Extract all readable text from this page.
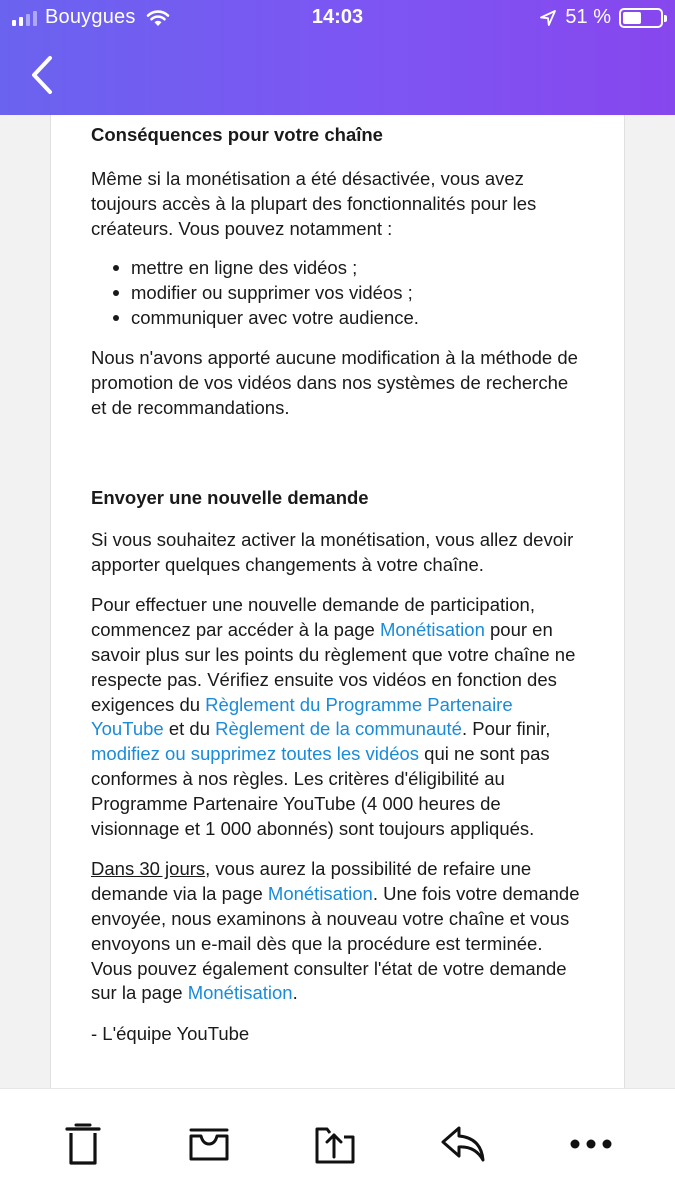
Bouygues	14:03	51 %
Conséquences pour votre chaîne

Même si la monétisation a été désactivée, vous avez toujours accès à la plupart des fonctionnalités pour les créateurs. Vous pouvez notamment :

mettre en ligne des vidéos ;
modifier ou supprimer vos vidéos ;
communiquer avec votre audience.

Nous n'avons apporté aucune modification à la méthode de promotion de vos vidéos dans nos systèmes de recherche et de recommandations.

Envoyer une nouvelle demande

Si vous souhaitez activer la monétisation, vous allez devoir apporter quelques changements à votre chaîne.

Pour effectuer une nouvelle demande de participation, commencez par accéder à la page Monétisation pour en savoir plus sur les points du règlement que votre chaîne ne respecte pas. Vérifiez ensuite vos vidéos en fonction des exigences du Règlement du Programme Partenaire YouTube et du Règlement de la communauté. Pour finir, modifiez ou supprimez toutes les vidéos qui ne sont pas conformes à nos règles. Les critères d'éligibilité au Programme Partenaire YouTube (4 000 heures de visionnage et 1 000 abonnés) sont toujours appliqués.

Dans 30 jours, vous aurez la possibilité de refaire une demande via la page Monétisation. Une fois votre demande envoyée, nous examinons à nouveau votre chaîne et vous envoyons un e-mail dès que la procédure est terminée. Vous pouvez également consulter l'état de votre demande sur la page Monétisation.

- L'équipe YouTube
